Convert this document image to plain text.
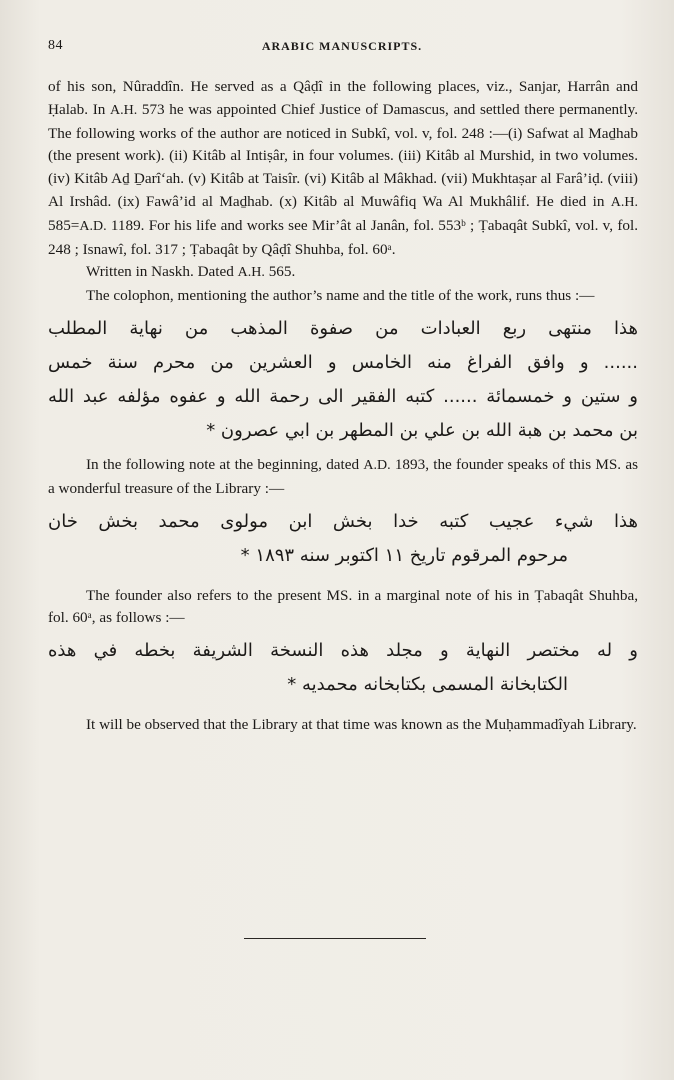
84	ARABIC MANUSCRIPTS.

of his son, Nûraddîn. He served as a Qâḍî in the following places, viz., Sanjar, Harrân and Ḥalab. In A.H. 573 he was appointed Chief Justice of Damascus, and settled there permanently. The following works of the author are noticed in Subkî, vol. v, fol. 248 :—(i) Safwat al Maḏhab (the present work). (ii) Kitâb al Intiṣâr, in four volumes. (iii) Kitâb al Murshid, in two volumes. (iv) Kitâb Aḏ Ḏarî‘ah. (v) Kitâb at Taisîr. (vi) Kitâb al Mâkhad. (vii) Mukhtaṣar al Farâ’iḍ. (viii) Al Irshâd. (ix) Fawâ’id al Maḏhab. (x) Kitâb al Muwâfiq Wa Al Mukhâlif. He died in A.H. 585=A.D. 1189. For his life and works see Mir’ât al Janân, fol. 553ᵇ ; Ṭabaqât Subkî, vol. v, fol. 248 ; Isnawî, fol. 317 ; Ṭabaqât by Qâḍî Shuhba, fol. 60ᵃ.

Written in Naskh. Dated A.H. 565.

The colophon, mentioning the author’s name and the title of the work, runs thus :—

هذا منتهى ربع العبادات من صفوة المذهب من نهاية المطلب
...... و وافق الفراغ منه الخامس و العشرين من محرم سنة خمس
و ستين و خمسمائة ...... كتبه الفقير الى رحمة الله و عفوه مؤلفه عبد الله
بن محمد بن هبة الله بن علي بن المطهر بن ابي عصرون *

In the following note at the beginning, dated A.D. 1893, the founder speaks of this MS. as a wonderful treasure of the Library :—

هذا شيء عجيب كتبه خدا بخش ابن مولوى محمد بخش خان
مرحوم المرقوم تاريخ ۱۱ اكتوبر سنه ۱۸۹۳ *

The founder also refers to the present MS. in a marginal note of his in Ṭabaqât Shuhba, fol. 60ᵃ, as follows :—

و له مختصر النهاية و مجلد هذه النسخة الشريفة بخطه في هذه
الكتابخانة المسمى بكتابخانه محمديه *

It will be observed that the Library at that time was known as the Muḥammadîyah Library.
